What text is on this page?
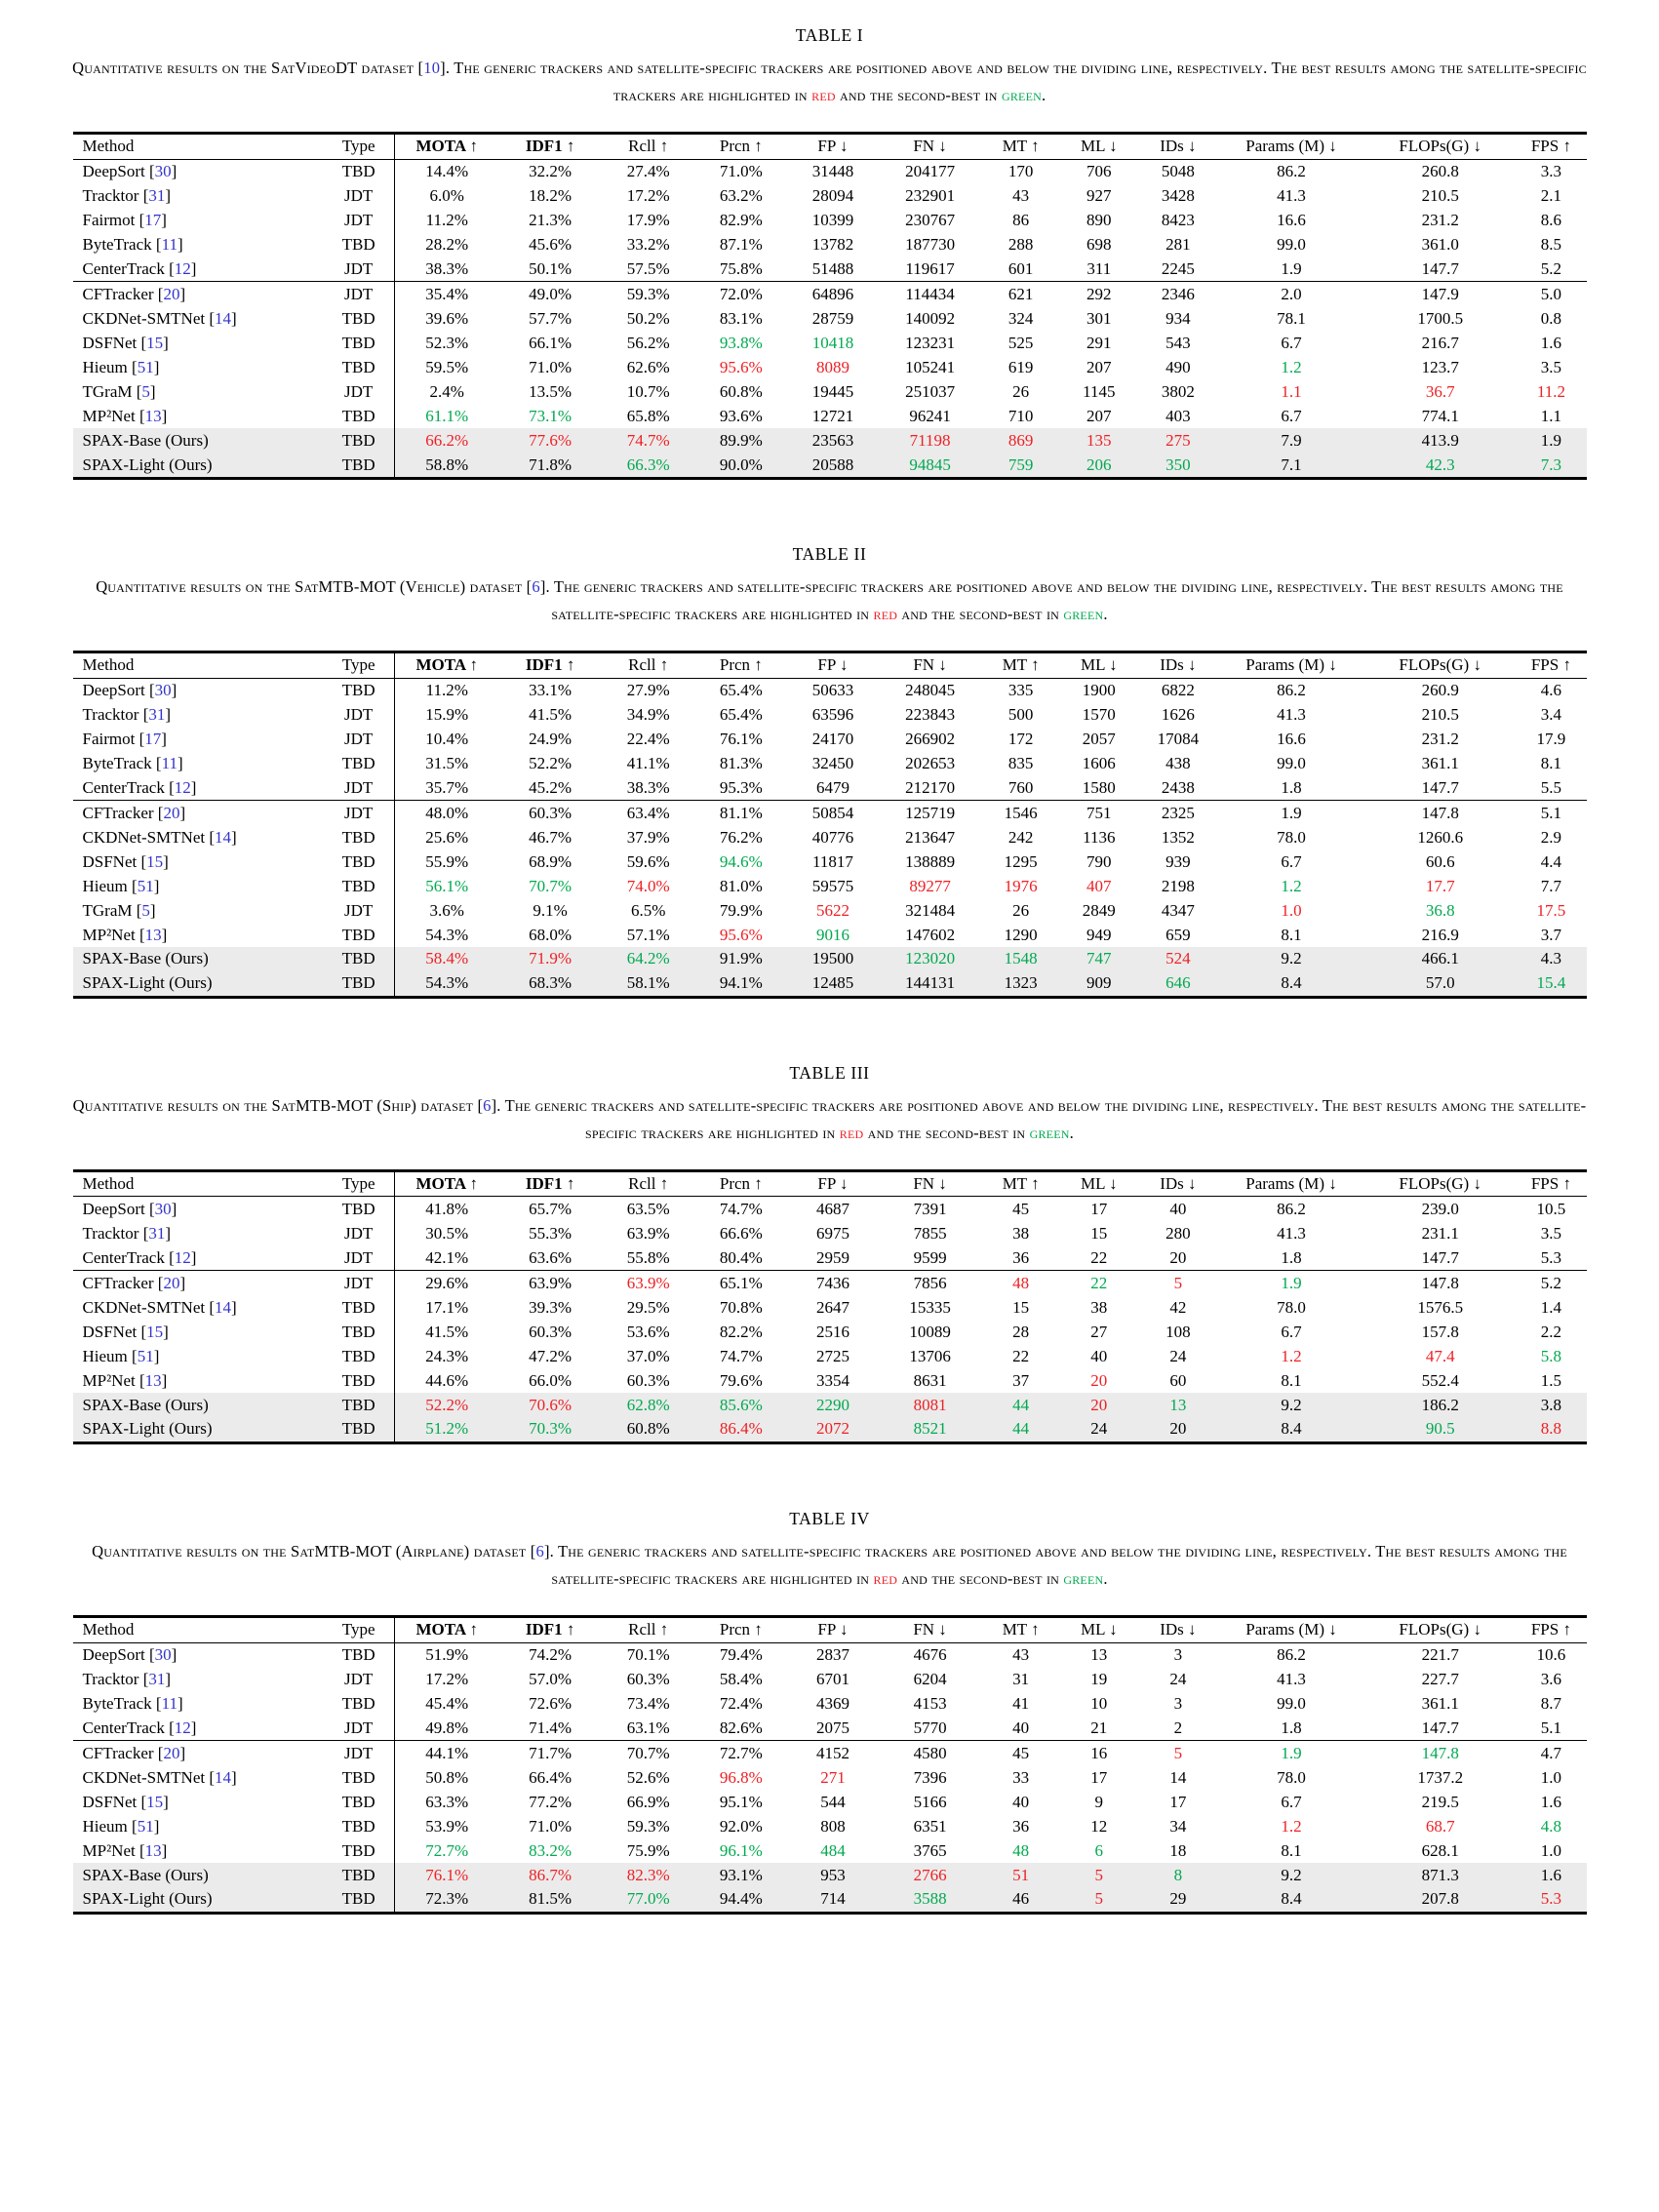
TABLE I
Quantitative results on the SatVideoDT dataset [10]. The generic trackers and satellite-specific trackers are positioned above and below the dividing line, respectively. The best results among the satellite-specific trackers are highlighted in red and the second-best in green.
Method	Type	MOTA ↑	IDF1 ↑	Rcll ↑	Prcn ↑	FP ↓	FN ↓	MT ↑	ML ↓	IDs ↓	Params (M) ↓	FLOPs(G) ↓	FPS ↑
DeepSort [30]	TBD	14.4%	32.2%	27.4%	71.0%	31448	204177	170	706	5048	86.2	260.8	3.3
Tracktor [31]	JDT	6.0%	18.2%	17.2%	63.2%	28094	232901	43	927	3428	41.3	210.5	2.1
Fairmot [17]	JDT	11.2%	21.3%	17.9%	82.9%	10399	230767	86	890	8423	16.6	231.2	8.6
ByteTrack [11]	TBD	28.2%	45.6%	33.2%	87.1%	13782	187730	288	698	281	99.0	361.0	8.5
CenterTrack [12]	JDT	38.3%	50.1%	57.5%	75.8%	51488	119617	601	311	2245	1.9	147.7	5.2
CFTracker [20]	JDT	35.4%	49.0%	59.3%	72.0%	64896	114434	621	292	2346	2.0	147.9	5.0
CKDNet-SMTNet [14]	TBD	39.6%	57.7%	50.2%	83.1%	28759	140092	324	301	934	78.1	1700.5	0.8
DSFNet [15]	TBD	52.3%	66.1%	56.2%	93.8%	10418	123231	525	291	543	6.7	216.7	1.6
Hieum [51]	TBD	59.5%	71.0%	62.6%	95.6%	8089	105241	619	207	490	1.2	123.7	3.5
TGraM [5]	JDT	2.4%	13.5%	10.7%	60.8%	19445	251037	26	1145	3802	1.1	36.7	11.2
MP²Net [13]	TBD	61.1%	73.1%	65.8%	93.6%	12721	96241	710	207	403	6.7	774.1	1.1
SPAX-Base (Ours)	TBD	66.2%	77.6%	74.7%	89.9%	23563	71198	869	135	275	7.9	413.9	1.9
SPAX-Light (Ours)	TBD	58.8%	71.8%	66.3%	90.0%	20588	94845	759	206	350	7.1	42.3	7.3
TABLE II
Quantitative results on the SatMTB-MOT (Vehicle) dataset [6]. The generic trackers and satellite-specific trackers are positioned above and below the dividing line, respectively. The best results among the satellite-specific trackers are highlighted in red and the second-best in green.
Method	Type	MOTA ↑	IDF1 ↑	Rcll ↑	Prcn ↑	FP ↓	FN ↓	MT ↑	ML ↓	IDs ↓	Params (M) ↓	FLOPs(G) ↓	FPS ↑
DeepSort [30]	TBD	11.2%	33.1%	27.9%	65.4%	50633	248045	335	1900	6822	86.2	260.9	4.6
Tracktor [31]	JDT	15.9%	41.5%	34.9%	65.4%	63596	223843	500	1570	1626	41.3	210.5	3.4
Fairmot [17]	JDT	10.4%	24.9%	22.4%	76.1%	24170	266902	172	2057	17084	16.6	231.2	17.9
ByteTrack [11]	TBD	31.5%	52.2%	41.1%	81.3%	32450	202653	835	1606	438	99.0	361.1	8.1
CenterTrack [12]	JDT	35.7%	45.2%	38.3%	95.3%	6479	212170	760	1580	2438	1.8	147.7	5.5
CFTracker [20]	JDT	48.0%	60.3%	63.4%	81.1%	50854	125719	1546	751	2325	1.9	147.8	5.1
CKDNet-SMTNet [14]	TBD	25.6%	46.7%	37.9%	76.2%	40776	213647	242	1136	1352	78.0	1260.6	2.9
DSFNet [15]	TBD	55.9%	68.9%	59.6%	94.6%	11817	138889	1295	790	939	6.7	60.6	4.4
Hieum [51]	TBD	56.1%	70.7%	74.0%	81.0%	59575	89277	1976	407	2198	1.2	17.7	7.7
TGraM [5]	JDT	3.6%	9.1%	6.5%	79.9%	5622	321484	26	2849	4347	1.0	36.8	17.5
MP²Net [13]	TBD	54.3%	68.0%	57.1%	95.6%	9016	147602	1290	949	659	8.1	216.9	3.7
SPAX-Base (Ours)	TBD	58.4%	71.9%	64.2%	91.9%	19500	123020	1548	747	524	9.2	466.1	4.3
SPAX-Light (Ours)	TBD	54.3%	68.3%	58.1%	94.1%	12485	144131	1323	909	646	8.4	57.0	15.4
TABLE III
Quantitative results on the SatMTB-MOT (Ship) dataset [6]. The generic trackers and satellite-specific trackers are positioned above and below the dividing line, respectively. The best results among the satellite-specific trackers are highlighted in red and the second-best in green.
Method	Type	MOTA ↑	IDF1 ↑	Rcll ↑	Prcn ↑	FP ↓	FN ↓	MT ↑	ML ↓	IDs ↓	Params (M) ↓	FLOPs(G) ↓	FPS ↑
DeepSort [30]	TBD	41.8%	65.7%	63.5%	74.7%	4687	7391	45	17	40	86.2	239.0	10.5
Tracktor [31]	JDT	30.5%	55.3%	63.9%	66.6%	6975	7855	38	15	280	41.3	231.1	3.5
CenterTrack [12]	JDT	42.1%	63.6%	55.8%	80.4%	2959	9599	36	22	20	1.8	147.7	5.3
CFTracker [20]	JDT	29.6%	63.9%	63.9%	65.1%	7436	7856	48	22	5	1.9	147.8	5.2
CKDNet-SMTNet [14]	TBD	17.1%	39.3%	29.5%	70.8%	2647	15335	15	38	42	78.0	1576.5	1.4
DSFNet [15]	TBD	41.5%	60.3%	53.6%	82.2%	2516	10089	28	27	108	6.7	157.8	2.2
Hieum [51]	TBD	24.3%	47.2%	37.0%	74.7%	2725	13706	22	40	24	1.2	47.4	5.8
MP²Net [13]	TBD	44.6%	66.0%	60.3%	79.6%	3354	8631	37	20	60	8.1	552.4	1.5
SPAX-Base (Ours)	TBD	52.2%	70.6%	62.8%	85.6%	2290	8081	44	20	13	9.2	186.2	3.8
SPAX-Light (Ours)	TBD	51.2%	70.3%	60.8%	86.4%	2072	8521	44	24	20	8.4	90.5	8.8
TABLE IV
Quantitative results on the SatMTB-MOT (Airplane) dataset [6]. The generic trackers and satellite-specific trackers are positioned above and below the dividing line, respectively. The best results among the satellite-specific trackers are highlighted in red and the second-best in green.
Method	Type	MOTA ↑	IDF1 ↑	Rcll ↑	Prcn ↑	FP ↓	FN ↓	MT ↑	ML ↓	IDs ↓	Params (M) ↓	FLOPs(G) ↓	FPS ↑
DeepSort [30]	TBD	51.9%	74.2%	70.1%	79.4%	2837	4676	43	13	3	86.2	221.7	10.6
Tracktor [31]	JDT	17.2%	57.0%	60.3%	58.4%	6701	6204	31	19	24	41.3	227.7	3.6
ByteTrack [11]	TBD	45.4%	72.6%	73.4%	72.4%	4369	4153	41	10	3	99.0	361.1	8.7
CenterTrack [12]	JDT	49.8%	71.4%	63.1%	82.6%	2075	5770	40	21	2	1.8	147.7	5.1
CFTracker [20]	JDT	44.1%	71.7%	70.7%	72.7%	4152	4580	45	16	5	1.9	147.8	4.7
CKDNet-SMTNet [14]	TBD	50.8%	66.4%	52.6%	96.8%	271	7396	33	17	14	78.0	1737.2	1.0
DSFNet [15]	TBD	63.3%	77.2%	66.9%	95.1%	544	5166	40	9	17	6.7	219.5	1.6
Hieum [51]	TBD	53.9%	71.0%	59.3%	92.0%	808	6351	36	12	34	1.2	68.7	4.8
MP²Net [13]	TBD	72.7%	83.2%	75.9%	96.1%	484	3765	48	6	18	8.1	628.1	1.0
SPAX-Base (Ours)	TBD	76.1%	86.7%	82.3%	93.1%	953	2766	51	5	8	9.2	871.3	1.6
SPAX-Light (Ours)	TBD	72.3%	81.5%	77.0%	94.4%	714	3588	46	5	29	8.4	207.8	5.3
